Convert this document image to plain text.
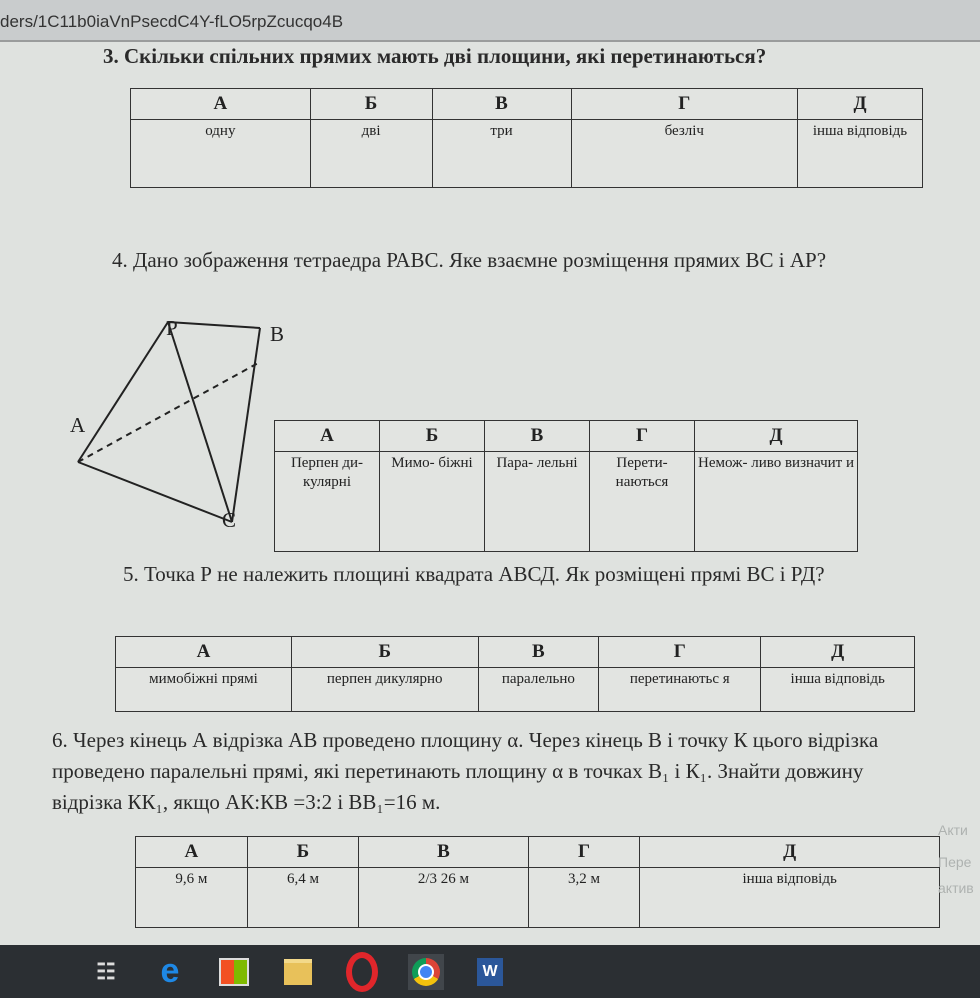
ders/1C11b0iaVnPsecdC4Y-fLO5rpZcucqo4B
3. Скільки спільних прямих мають дві площини, які перетинаються?
А	Б	В	Г	Д
одну	дві	три	безліч	інша відповідь
4. Дано зображення тетраедра РАВС. Яке взаємне розміщення прямих ВС і АР?
P	B
A
C
А	Б	В	Г	Д
Перпен ди- кулярні	Мимо- біжні	Пара- лельні	Перети- наються	Немож- ливо визначит и
5. Точка Р не належить площині квадрата АВСД. Як розміщені прямі ВС і РД?
А	Б	В	Г	Д
мимобіжні прямі	перпен дикулярно	паралельно	перетинаютьс я	інша відповідь
6. Через кінець А відрізка АВ проведено площину α. Через кінець В і точку К цього відрізка проведено паралельні прямі, які перетинають площину α в точках В₁ і К₁. Знайти довжину відрізка КК₁, якщо АК:КВ =3:2 і ВВ₁=16 м.
А	Б	В	Г	Д
9,6 м	6,4 м	2/3 26 м	3,2 м	інша відповідь
Акти
Пере
актив
☷ e	W
